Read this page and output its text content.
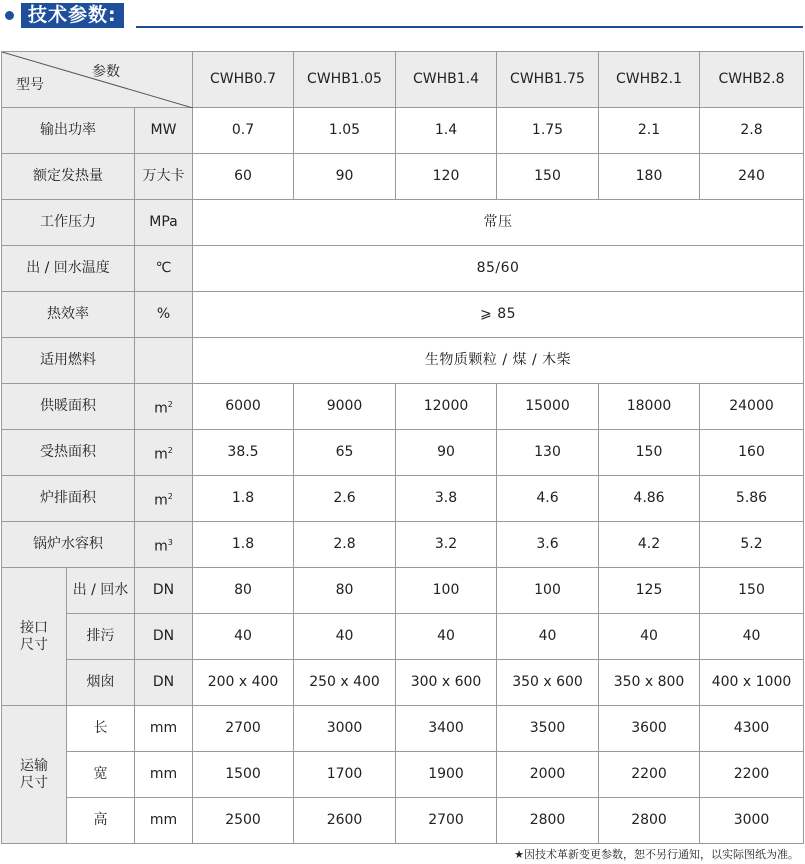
技术参数:
参数
型号			CWHB0.7	CWHB1.05	CWHB1.4	CWHB1.75	CWHB2.1	CWHB2.8
输出功率		MW	0.7	1.05	1.4	1.75	2.1	2.8
额定发热量		万大卡	60	90	120	150	180	240
工作压力		MPa	常压					
出 / 回水温度		℃	85/60					
热效率		%	⩾ 85					
适用燃料			生物质颗粒 / 煤 / 木柴					
供暖面积		$m^2$	6000	9000	12000	15000	18000	24000
受热面积		$m^2$	38.5	65	90	130	150	160
炉排面积		$m^2$	1.8	2.6	3.8	4.6	4.86	5.86
锅炉水容积		$m^3$	1.8	2.8	3.2	3.6	4.2	5.2

接口
尺寸	出 / 回水	DN	80	80	100	100	125	150
	排污	DN	40	40	40	40	40	40
	烟囱	DN	200 x 400	250 x 400	300 x 600	350 x 600	350 x 800	400 x 1000

运输
尺寸	长	mm	2700	3000	3400	3500	3600	4300
	宽	mm	1500	1700	1900	2000	2200	2200
	高	mm	2500	2600	2700	2800	2800	3000
★因技术革新变更参数，恕不另行通知，以实际图纸为准。
